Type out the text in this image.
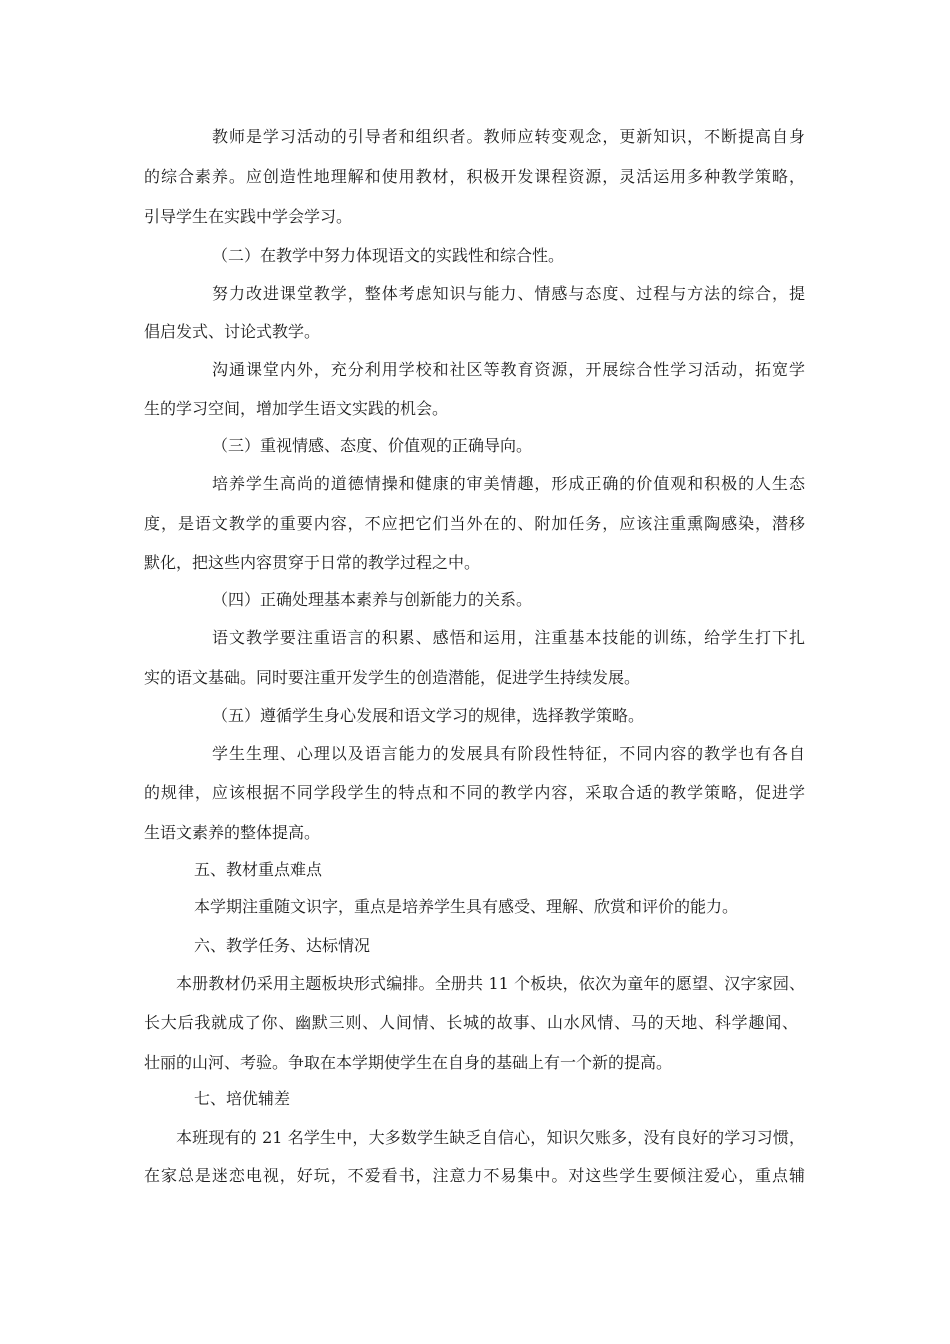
教师是学习活动的引导者和组织者。教师应转变观念，更新知识，不断提高自身
的综合素养。应创造性地理解和使用教材，积极开发课程资源，灵活运用多种教学策略，
引导学生在实践中学会学习。
（二）在教学中努力体现语文的实践性和综合性。
努力改进课堂教学，整体考虑知识与能力、情感与态度、过程与方法的综合，提
倡启发式、讨论式教学。
沟通课堂内外，充分利用学校和社区等教育资源，开展综合性学习活动，拓宽学
生的学习空间，增加学生语文实践的机会。
（三）重视情感、态度、价值观的正确导向。
培养学生高尚的道德情操和健康的审美情趣，形成正确的价值观和积极的人生态
度，是语文教学的重要内容，不应把它们当外在的、附加任务，应该注重熏陶感染，潜移
默化，把这些内容贯穿于日常的教学过程之中。
（四）正确处理基本素养与创新能力的关系。
语文教学要注重语言的积累、感悟和运用，注重基本技能的训练，给学生打下扎
实的语文基础。同时要注重开发学生的创造潜能，促进学生持续发展。
（五）遵循学生身心发展和语文学习的规律，选择教学策略。
学生生理、心理以及语言能力的发展具有阶段性特征，不同内容的教学也有各自
的规律，应该根据不同学段学生的特点和不同的教学内容，采取合适的教学策略，促进学
生语文素养的整体提高。
五、教材重点难点
本学期注重随文识字，重点是培养学生具有感受、理解、欣赏和评价的能力。
六、教学任务、达标情况
本册教材仍采用主题板块形式编排。全册共 11 个板块，依次为童年的愿望、汉字家园、
长大后我就成了你、幽默三则、人间情、长城的故事、山水风情、马的天地、科学趣闻、
壮丽的山河、考验。争取在本学期使学生在自身的基础上有一个新的提高。
七、培优辅差
本班现有的 21 名学生中，大多数学生缺乏自信心，知识欠账多，没有良好的学习习惯，
在家总是迷恋电视，好玩，不爱看书，注意力不易集中。对这些学生要倾注爱心，重点辅
